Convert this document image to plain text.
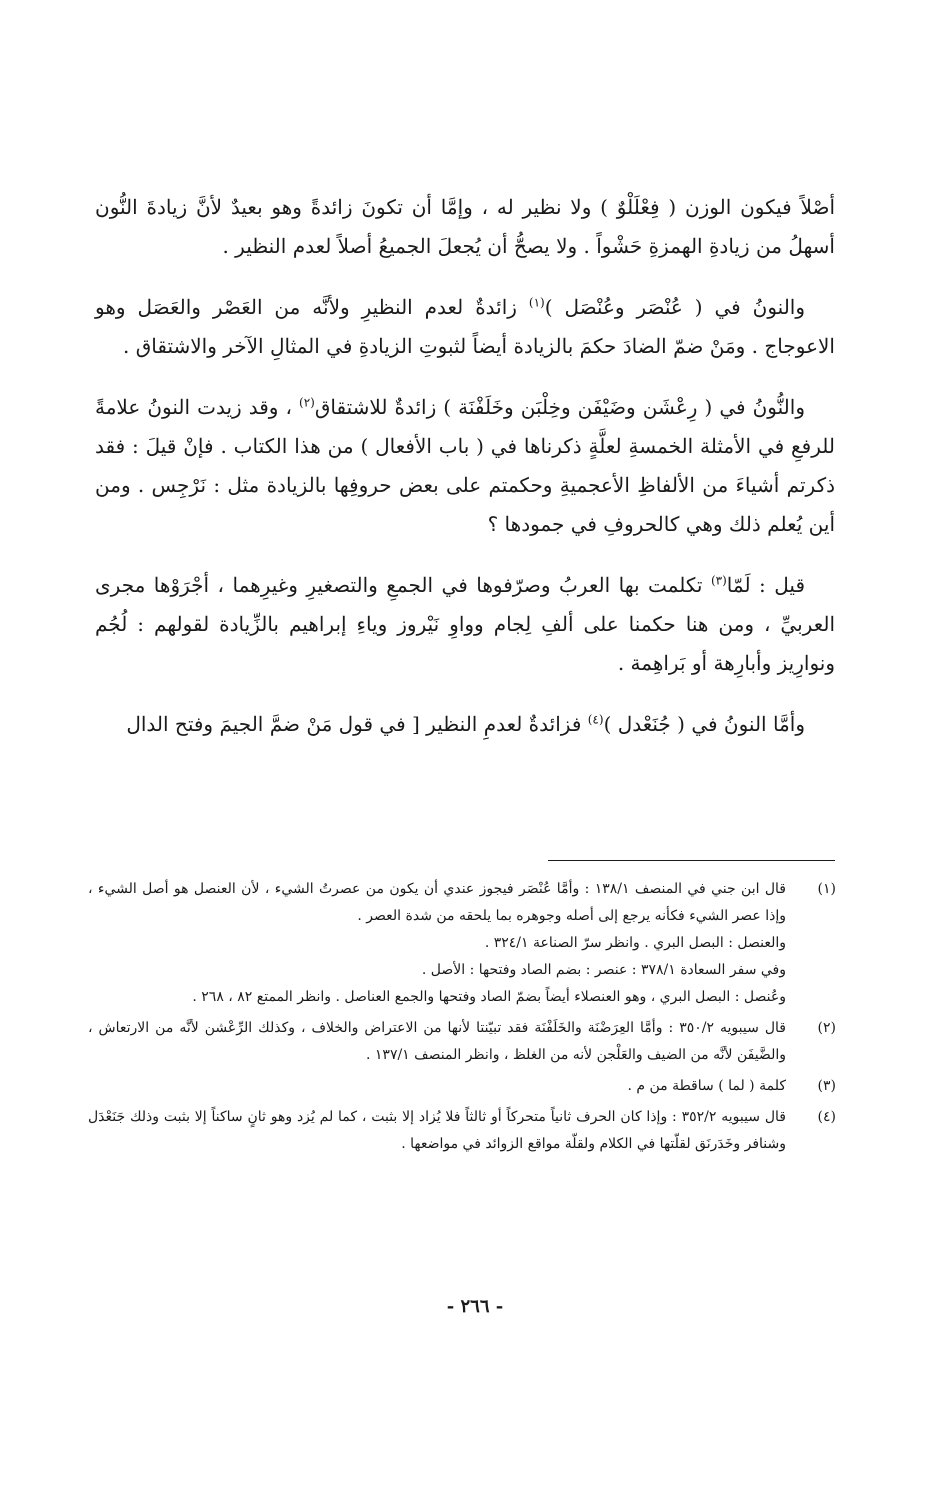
أصْلاً فيكون الوزن ( فِعْلَلْوٌ ) ولا نظير له ، وإمَّا أن تكونَ زائدةً وهو بعيدٌ لأنَّ زيادةَ النُّون أسهلُ من زيادةِ الهمزةِ حَشْواً . ولا يصحُّ أن يُجعلَ الجميعُ أصلاً لعدم النظير .

والنونُ في ( عُنْصَر وعُنْصَل )$^{(١)}$ زائدةٌ لعدم النظيرِ ولأنَّه من العَصْر والعَصَل وهو الاعوجاج . ومَنْ ضمّ الضادَ حكمَ بالزيادة أيضاً لثبوتِ الزيادةِ في المثالِ الآخر والاشتقاق .

والنُّونُ في ( رِعْشَن وضَيْفَن وخِلْبَن وخَلَفْنَة ) زائدةٌ للاشتقاق$^{(٢)}$ ، وقد زيدت النونُ علامةً للرفعِ في الأمثلة الخمسةِ لعلَّةٍ ذكرناها في ( باب الأفعال ) من هذا الكتاب . فإنْ قيلَ : فقد ذكرتم أشياءَ من الألفاظِ الأعجميةِ وحكمتم على بعض حروفِها بالزيادة مثل : نَرْجِس . ومن أين يُعلم ذلك وهي كالحروفِ في جمودها ؟

قيل : لَمّا$^{(٣)}$ تكلمت بها العربُ وصرّفوها في الجمعِ والتصغيرِ وغيرِهما ، أجْرَوْها مجرى العربيِّ ، ومن هنا حكمنا على ألفِ لِجام وواوِ نَيْروز وياءِ إبراهيم بالزِّيادة لقولهم : لُجُم ونوارِيز وأبارِهة أو بَراهِمة .

وأمَّا النونُ في ( جُنَعْدل )$^{(٤)}$ فزائدةٌ لعدمِ النظير [ في قول مَنْ ضمَّ الجيمَ وفتح الدال

(١)
قال ابن جني في المنصف ١٣٨/١ : وأمَّا عُنْصَر فيجوز عندي أن يكون من عصرتُ الشيء ، لأن العنصل هو أصل الشيء ، وإذا عصر الشيء فكأنه يرجع إلى أصله وجوهره بما يلحقه من شدة العصر .
والعنصل : البصل البري . وانظر سرّ الصناعة ٣٢٤/١ .
وفي سفر السعادة ٣٧٨/١ : عنصر : بضم الصاد وفتحها : الأصل .
وعُنصل : البصل البري ، وهو العنصلاء أيضاً بضمّ الصاد وفتحها والجمع العناصل . وانظر الممتع ٨٢ ، ٢٦٨ .
(٢)
قال سيبويه ٣٥٠/٢ : وأمَّا العِرَضْنَة والخَلَفْنَة فقد تبيّنتا لأنها من الاعتراض والخلاف ، وكذلك الرِّعْشن لأنَّه من الارتعاش ، والضَّيفَن لأنَّه من الضيف والعَلْجن لأنه من الغلظ ، وانظر المنصف ١٣٧/١ .
(٣)
كلمة ( لما ) ساقطة من م .
(٤)
قال سيبويه ٣٥٢/٢ : وإذا كان الحرف ثانياً متحركاً أو ثالثاً فلا يُزاد إلا بثبت ، كما لم يُزد وهو ثانٍ ساكناً إلا بثبت وذلك جَنَعْدَل وشنافر وخَدَرنَق لقلّتها في الكلام ولقلّة مواقع الزوائد في مواضعها .
- ٢٦٦ -
